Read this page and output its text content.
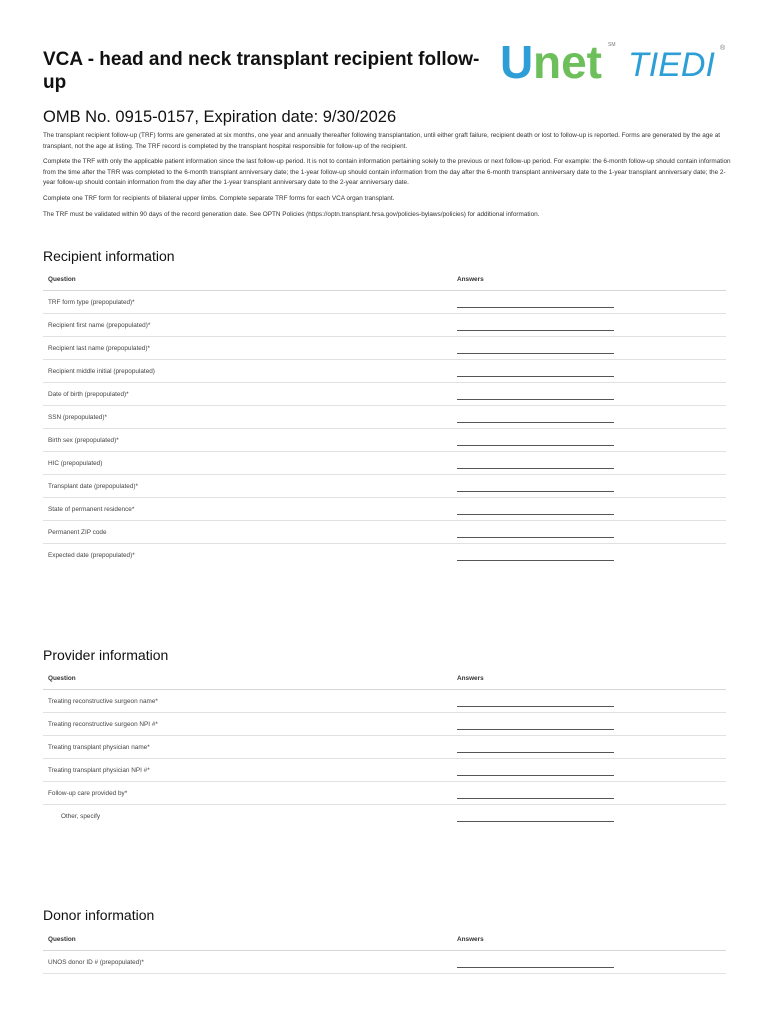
VCA - head and neck transplant recipient follow-up	U net SM
TIEDI ®
OMB No. 0915-0157, Expiration date: 9/30/2026

The transplant recipient follow-up (TRF) forms are generated at six months, one year and annually thereafter following transplantation, until either graft failure, recipient death or lost to follow-up is reported. Forms are generated by the age at transplant, not the age at listing. The TRF record is completed by the transplant hospital responsible for follow-up of the recipient.

Complete the TRF with only the applicable patient information since the last follow-up period. It is not to contain information pertaining solely to the previous or next follow-up period. For example: the 6-month follow-up should contain information from the time after the TRR was completed to the 6-month transplant anniversary date; the 1-year follow-up should contain information from the day after the 6-month transplant anniversary date to the 1-year transplant anniversary date; the 2-year follow-up should contain information from the day after the 1-year transplant anniversary date to the 2-year anniversary date.

Complete one TRF form for recipients of bilateral upper limbs. Complete separate TRF forms for each VCA organ transplant.

The TRF must be validated within 90 days of the record generation date. See OPTN Policies (https://optn.transplant.hrsa.gov/policies-bylaws/policies) for additional information.

Recipient information
Question	Answers
TRF form type (prepopulated)*
Recipient first name (prepopulated)*
Recipient last name (prepopulated)*
Recipient middle initial (prepopulated)
Date of birth (prepopulated)*
SSN (prepopulated)*
Birth sex (prepopulated)*
HIC (prepopulated)
Transplant date (prepopulated)*
State of permanent residence*
Permanent ZIP code
Expected date (prepopulated)*
Provider information
Question	Answers
Treating reconstructive surgeon name*
Treating reconstructive surgeon NPI #*
Treating transplant physician name*
Treating transplant physician NPI #*
Follow-up care provided by*
Other, specify
Donor information
Question	Answers
UNOS donor ID # (prepopulated)*
